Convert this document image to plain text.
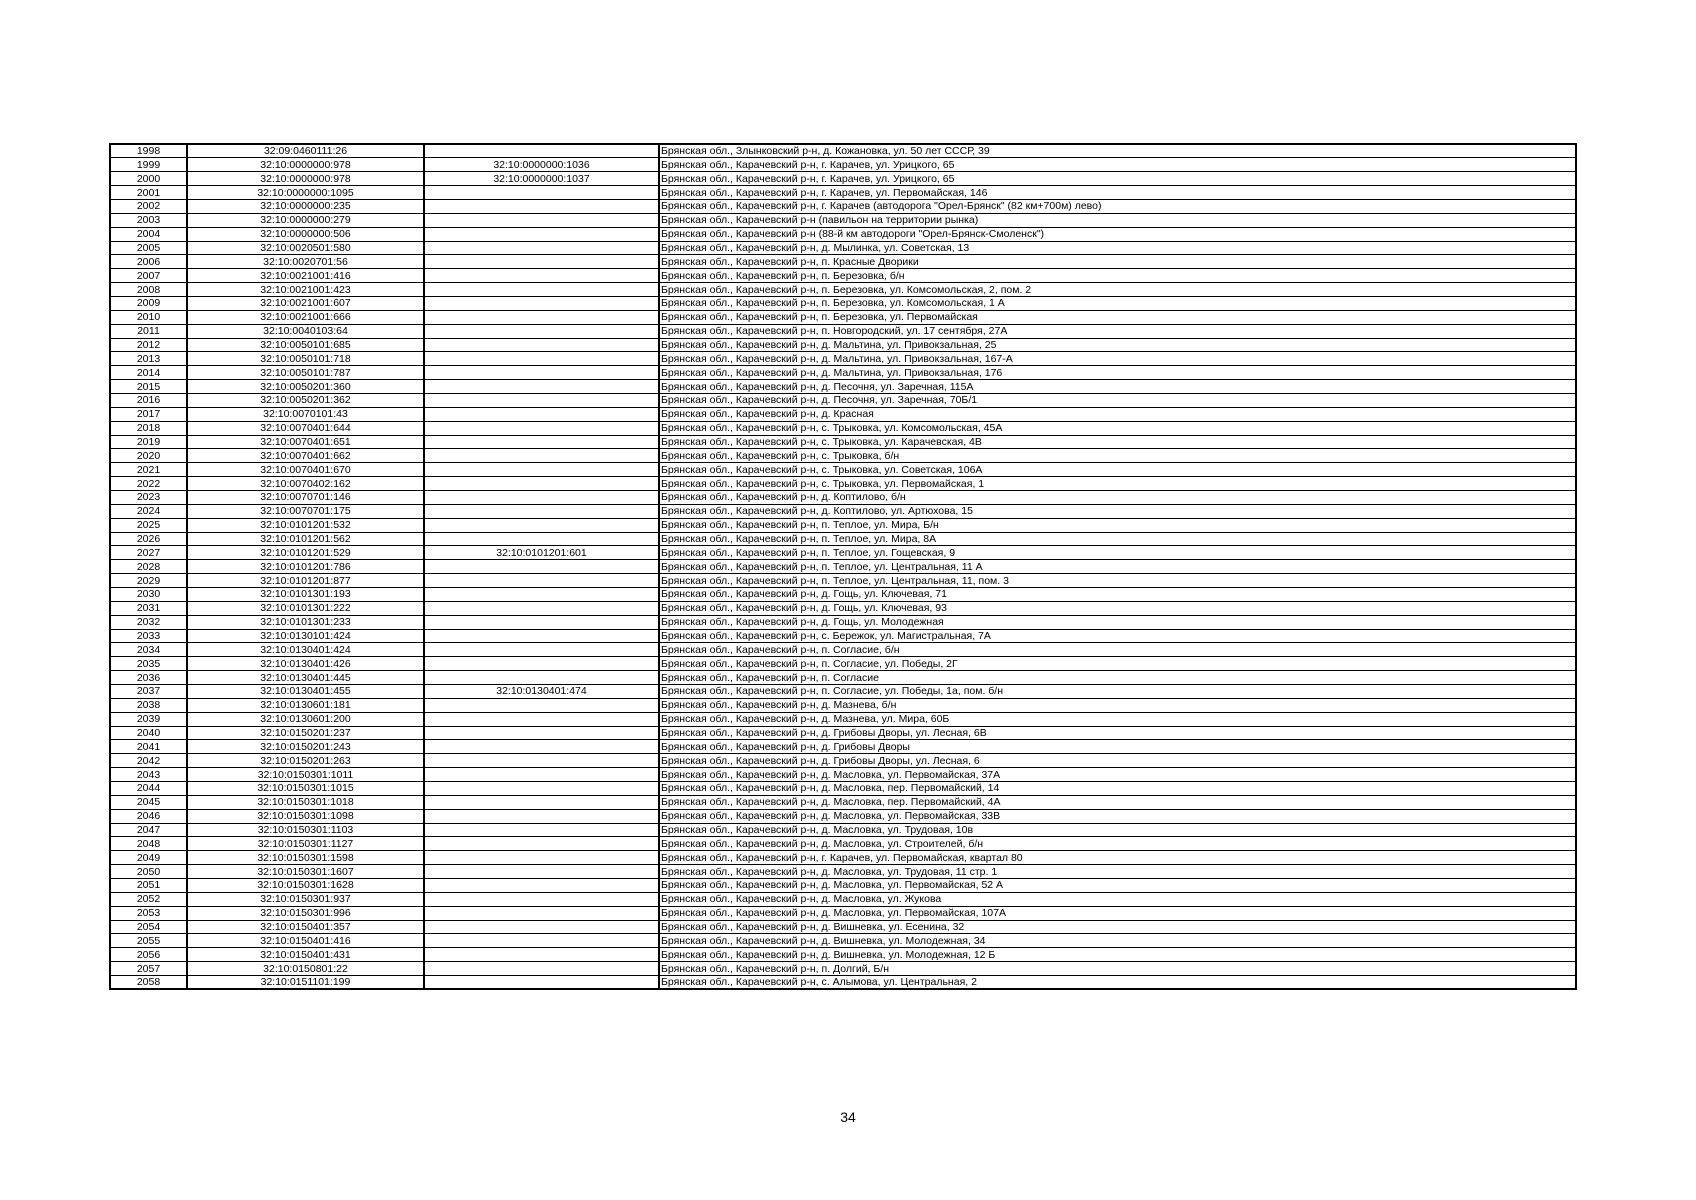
1998	32:09:0460111:26		Брянская обл., Злынковский р-н, д. Кожановка, ул. 50 лет СССР, 39
1999	32:10:0000000:978	32:10:0000000:1036	Брянская обл., Карачевский р-н, г. Карачев, ул. Урицкого, 65
2000	32:10:0000000:978	32:10:0000000:1037	Брянская обл., Карачевский р-н, г. Карачев, ул. Урицкого, 65
2001	32:10:0000000:1095		Брянская обл., Карачевский р-н, г. Карачев, ул. Первомайская, 146
2002	32:10:0000000:235		Брянская обл., Карачевский р-н, г. Карачев (автодорога "Орел-Брянск" (82 км+700м) лево)
2003	32:10:0000000:279		Брянская обл., Карачевский р-н (павильон на территории рынка)
2004	32:10:0000000:506		Брянская обл., Карачевский р-н (88-й км автодороги "Орел-Брянск-Смоленск")
2005	32:10:0020501:580		Брянская обл., Карачевский р-н, д. Мылинка, ул. Советская, 13
2006	32:10:0020701:56		Брянская обл., Карачевский р-н, п. Красные Дворики
2007	32:10:0021001:416		Брянская обл., Карачевский р-н, п. Березовка, б/н
2008	32:10:0021001:423		Брянская обл., Карачевский р-н, п. Березовка, ул. Комсомольская, 2, пом. 2
2009	32:10:0021001:607		Брянская обл., Карачевский р-н, п. Березовка, ул. Комсомольская, 1 А
2010	32:10:0021001:666		Брянская обл., Карачевский р-н, п. Березовка, ул. Первомайская
2011	32:10:0040103:64		Брянская обл., Карачевский р-н, п. Новгородский, ул. 17 сентября, 27А
2012	32:10:0050101:685		Брянская обл., Карачевский р-н, д. Мальтина, ул. Привокзальная, 25
2013	32:10:0050101:718		Брянская обл., Карачевский р-н, д. Мальтина, ул. Привокзальная, 167-А
2014	32:10:0050101:787		Брянская обл., Карачевский р-н, д. Мальтина, ул. Привокзальная, 176
2015	32:10:0050201:360		Брянская обл., Карачевский р-н, д. Песочня, ул. Заречная, 115А
2016	32:10:0050201:362		Брянская обл., Карачевский р-н, д. Песочня, ул. Заречная, 70Б/1
2017	32:10:0070101:43		Брянская обл., Карачевский р-н, д. Красная
2018	32:10:0070401:644		Брянская обл., Карачевский р-н, с. Трыковка, ул. Комсомольская, 45А
2019	32:10:0070401:651		Брянская обл., Карачевский р-н, с. Трыковка, ул. Карачевская, 4В
2020	32:10:0070401:662		Брянская обл., Карачевский р-н, с. Трыковка, б/н
2021	32:10:0070401:670		Брянская обл., Карачевский р-н, с. Трыковка, ул. Советская, 106А
2022	32:10:0070402:162		Брянская обл., Карачевский р-н, с. Трыковка, ул. Первомайская, 1
2023	32:10:0070701:146		Брянская обл., Карачевский р-н, д. Коптилово, б/н
2024	32:10:0070701:175		Брянская обл., Карачевский р-н, д. Коптилово, ул. Артюхова, 15
2025	32:10:0101201:532		Брянская обл., Карачевский р-н, п. Теплое, ул. Мира, Б/н
2026	32:10:0101201:562		Брянская обл., Карачевский р-н, п. Теплое, ул. Мира, 8А
2027	32:10:0101201:529	32:10:0101201:601	Брянская обл., Карачевский р-н, п. Теплое, ул. Гощевская, 9
2028	32:10:0101201:786		Брянская обл., Карачевский р-н, п. Теплое, ул. Центральная, 11 А
2029	32:10:0101201:877		Брянская обл., Карачевский р-н, п. Теплое, ул. Центральная, 11, пом. 3
2030	32:10:0101301:193		Брянская обл., Карачевский р-н, д. Гощь, ул. Ключевая, 71
2031	32:10:0101301:222		Брянская обл., Карачевский р-н, д. Гощь, ул. Ключевая, 93
2032	32:10:0101301:233		Брянская обл., Карачевский р-н, д. Гощь, ул. Молодежная
2033	32:10:0130101:424		Брянская обл., Карачевский р-н, с. Бережок, ул. Магистральная, 7А
2034	32:10:0130401:424		Брянская обл., Карачевский р-н, п. Согласие, б/н
2035	32:10:0130401:426		Брянская обл., Карачевский р-н, п. Согласие, ул. Победы, 2Г
2036	32:10:0130401:445		Брянская обл., Карачевский р-н, п. Согласие
2037	32:10:0130401:455	32:10:0130401:474	Брянская обл., Карачевский р-н, п. Согласие, ул. Победы, 1а, пом. б/н
2038	32:10:0130601:181		Брянская обл., Карачевский р-н, д. Мазнева, б/н
2039	32:10:0130601:200		Брянская обл., Карачевский р-н, д. Мазнева, ул. Мира, 60Б
2040	32:10:0150201:237		Брянская обл., Карачевский р-н, д. Грибовы Дворы, ул. Лесная, 6В
2041	32:10:0150201:243		Брянская обл., Карачевский р-н, д. Грибовы Дворы
2042	32:10:0150201:263		Брянская обл., Карачевский р-н, д. Грибовы Дворы, ул. Лесная, 6
2043	32:10:0150301:1011		Брянская обл., Карачевский р-н, д. Масловка, ул. Первомайская, 37А
2044	32:10:0150301:1015		Брянская обл., Карачевский р-н, д. Масловка, пер. Первомайский, 14
2045	32:10:0150301:1018		Брянская обл., Карачевский р-н, д. Масловка, пер. Первомайский, 4А
2046	32:10:0150301:1098		Брянская обл., Карачевский р-н, д. Масловка, ул. Первомайская, 33В
2047	32:10:0150301:1103		Брянская обл., Карачевский р-н, д. Масловка, ул. Трудовая, 10в
2048	32:10:0150301:1127		Брянская обл., Карачевский р-н, д. Масловка, ул. Строителей, б/н
2049	32:10:0150301:1598		Брянская обл., Карачевский р-н, г. Карачев, ул. Первомайская, квартал 80
2050	32:10:0150301:1607		Брянская обл., Карачевский р-н, д. Масловка, ул. Трудовая, 11 стр. 1
2051	32:10:0150301:1628		Брянская обл., Карачевский р-н, д. Масловка, ул. Первомайская, 52 А
2052	32:10:0150301:937		Брянская обл., Карачевский р-н, д. Масловка, ул. Жукова
2053	32:10:0150301:996		Брянская обл., Карачевский р-н, д. Масловка, ул. Первомайская, 107А
2054	32:10:0150401:357		Брянская обл., Карачевский р-н, д. Вишневка, ул. Есенина, 32
2055	32:10:0150401:416		Брянская обл., Карачевский р-н, д. Вишневка, ул. Молодежная, 34
2056	32:10:0150401:431		Брянская обл., Карачевский р-н, д. Вишневка, ул. Молодежная, 12 Б
2057	32:10:0150801:22		Брянская обл., Карачевский р-н, п. Долгий, Б/н
2058	32:10:0151101:199		Брянская обл., Карачевский р-н, с. Алымова, ул. Центральная, 2
34
